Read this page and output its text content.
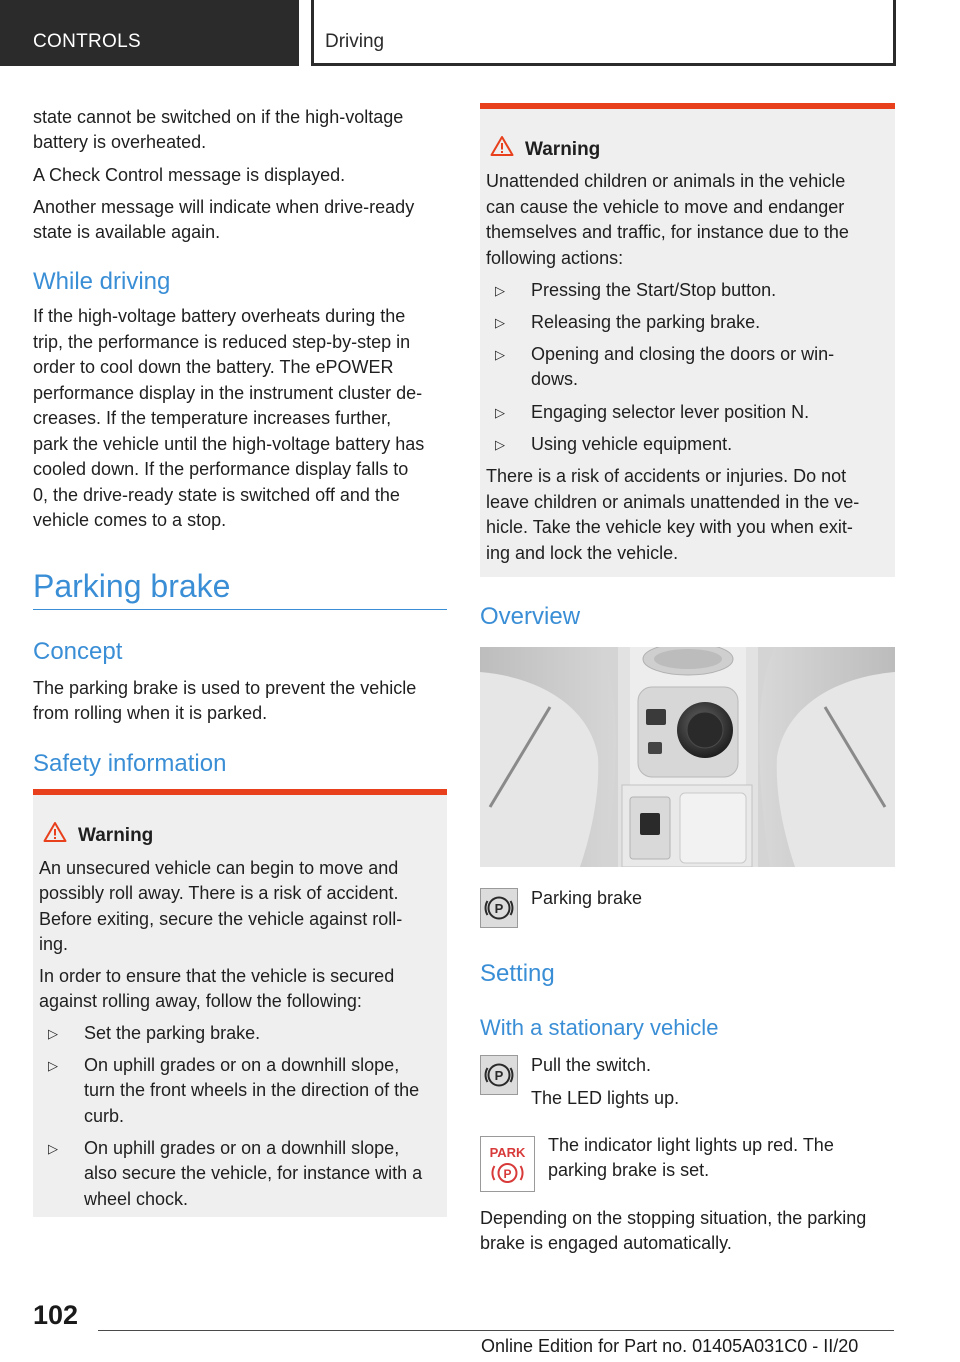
CONTROLS	Driving
state cannot be switched on if the high-voltage
battery is overheated.
A Check Control message is displayed.
Another message will indicate when drive-ready
state is available again.
While driving
If the high-voltage battery overheats during the
trip, the performance is reduced step-by-step in
order to cool down the battery. The ePOWER
performance display in the instrument cluster de-
creases. If the temperature increases further,
park the vehicle until the high-voltage battery has
cooled down. If the performance display falls to
0, the drive-ready state is switched off and the
vehicle comes to a stop.
Parking brake
Concept
The parking brake is used to prevent the vehicle
from rolling when it is parked.
Safety information
Warning
An unsecured vehicle can begin to move and
possibly roll away. There is a risk of accident.
Before exiting, secure the vehicle against roll-
ing.
In order to ensure that the vehicle is secured
against rolling away, follow the following:
▷ Set the parking brake.
▷ On uphill grades or on a downhill slope,
turn the front wheels in the direction of the
curb.
▷ On uphill grades or on a downhill slope,
also secure the vehicle, for instance with a
wheel chock.
Warning
Unattended children or animals in the vehicle
can cause the vehicle to move and endanger
themselves and traffic, for instance due to the
following actions:
▷ Pressing the Start/Stop button.
▷ Releasing the parking brake.
▷ Opening and closing the doors or win-
dows.
▷ Engaging selector lever position N.
▷ Using vehicle equipment.
There is a risk of accidents or injuries. Do not
leave children or animals unattended in the ve-
hicle. Take the vehicle key with you when exit-
ing and lock the vehicle.
Overview
P
Parking brake
Setting
With a stationary vehicle
P
Pull the switch.
The LED lights up.
PARK
P
The indicator light lights up red. The
parking brake is set.
Depending on the stopping situation, the parking
brake is engaged automatically.
102
Online Edition for Part no. 01405A031C0 - II/20
